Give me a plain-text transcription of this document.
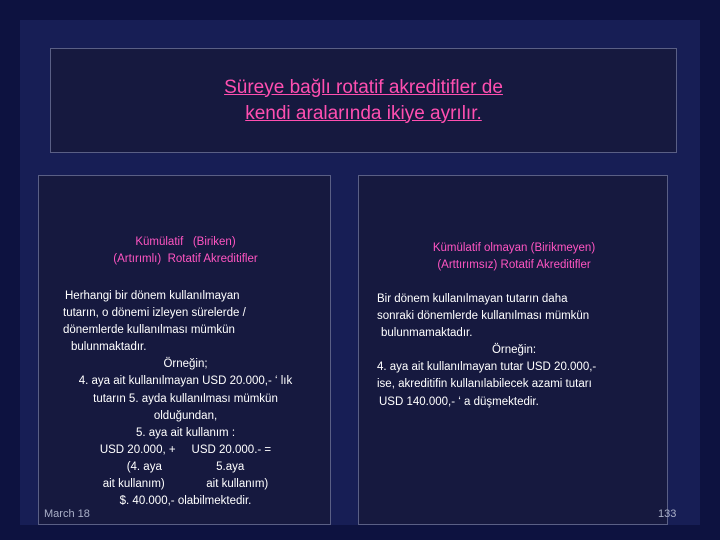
Süreye bağlı rotatif akreditifler de
kendi aralarında ikiye ayrılır.
Kümülatif   (Biriken)
(Artırımlı)  Rotatif Akreditifler
Herhangi bir dönem kullanılmayan
tutarın, o dönemi izleyen sürelerde /
dönemlerde kullanılması mümkün
bulunmaktadır.
Örneğin;
4. aya ait kullanılmayan USD 20.000,- ‘ lık
tutarın 5. ayda kullanılması mümkün
olduğundan,
5. aya ait kullanım :
USD 20.000, +     USD 20.000.- =
(4. aya                 5.aya
ait kullanım)             ait kullanım)
$. 40.000,- olabilmektedir.
Kümülatif olmayan (Birikmeyen)
(Arttırımsız) Rotatif Akreditifler
Bir dönem kullanılmayan tutarın daha
sonraki dönemlerde kullanılması mümkün
bulunmamaktadır.
Örneğin:
4. aya ait kullanılmayan tutar USD 20.000,-
ise, akreditifin kullanılabilecek azami tutarı
USD 140.000,- ‘ a düşmektedir.
March 18	133
